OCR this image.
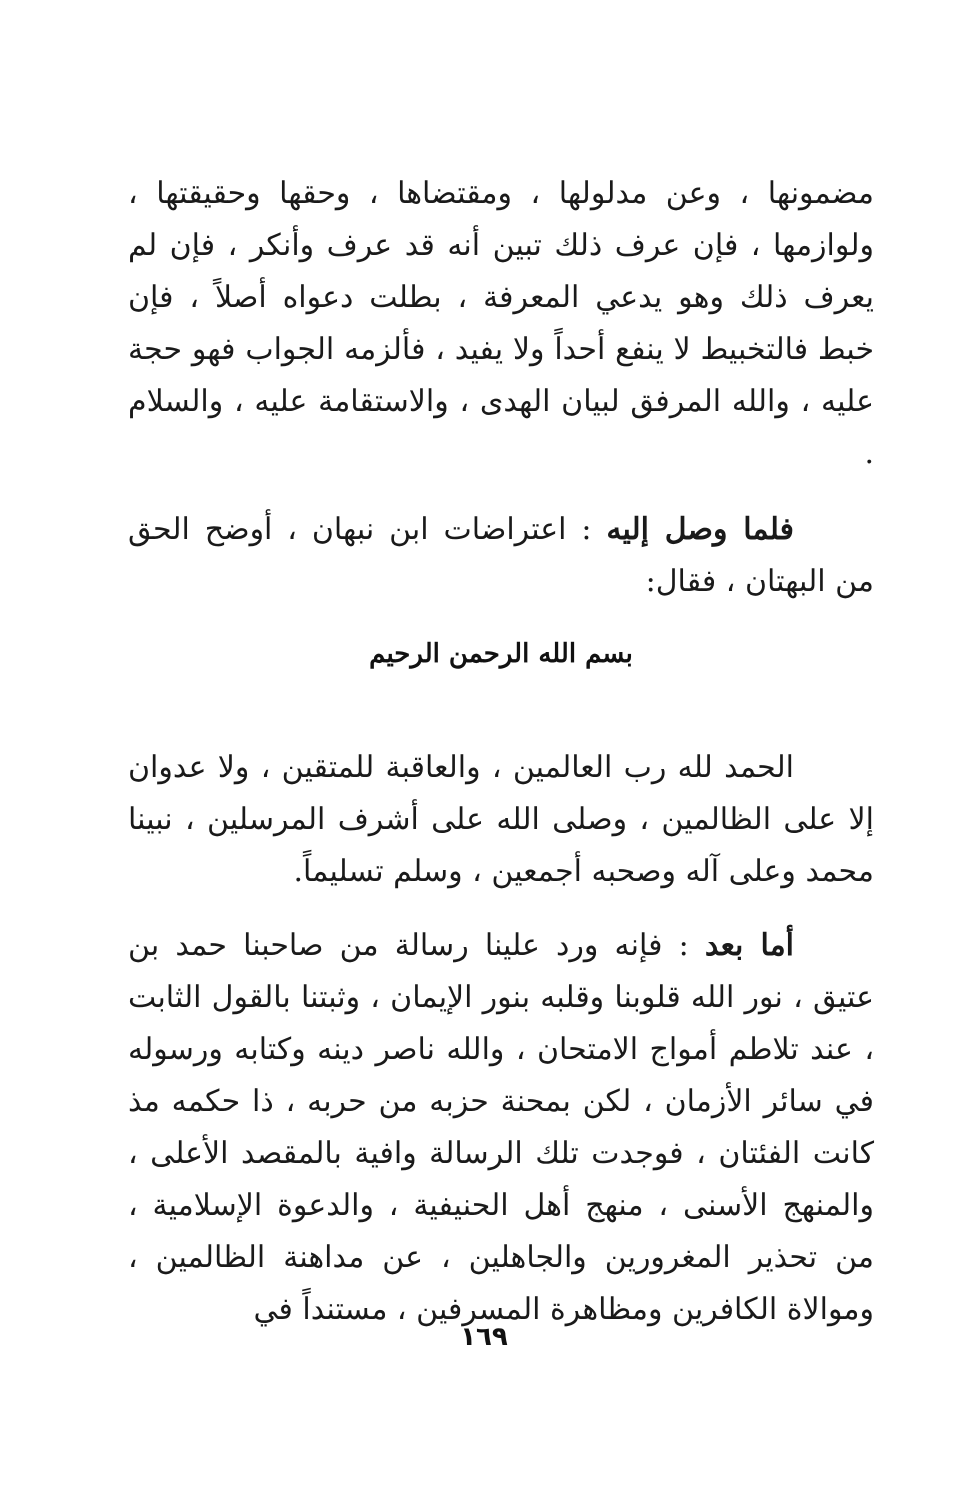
مضمونها ، وعن مدلولها ، ومقتضاها ، وحقها وحقيقتها ، ولوازمها ، فإن عرف ذلك تبين أنه قد عرف وأنكر ، فإن لم يعرف ذلك وهو يدعي المعرفة ، بطلت دعواه أصلاً ، فإن خبط فالتخبيط لا ينفع أحداً ولا يفيد ، فألزمه الجواب فهو حجة عليه ، والله المرفق لبيان الهدى ، والاستقامة عليه ، والسلام .

فلما وصل إليه : اعتراضات ابن نبهان ، أوضح الحق من البهتان ، فقال:

بسم الله الرحمن الرحيم

الحمد لله رب العالمين ، والعاقبة للمتقين ، ولا عدوان إلا على الظالمين ، وصلى الله على أشرف المرسلين ، نبينا محمد وعلى آله وصحبه أجمعين ، وسلم تسليماً.

أما بعد : فإنه ورد علينا رسالة من صاحبنا حمد بن عتيق ، نور الله قلوبنا وقلبه بنور الإيمان ، وثبتنا بالقول الثابت ، عند تلاطم أمواج الامتحان ، والله ناصر دينه وكتابه ورسوله في سائر الأزمان ، لكن بمحنة حزبه من حربه ، ذا حكمه مذ كانت الفئتان ، فوجدت تلك الرسالة وافية بالمقصد الأعلى ، والمنهج الأسنى ، منهج أهل الحنيفية ، والدعوة الإسلامية ، من تحذير المغرورين والجاهلين ، عن مداهنة الظالمين ، وموالاة الكافرين ومظاهرة المسرفين ، مستنداً في

١٦٩
